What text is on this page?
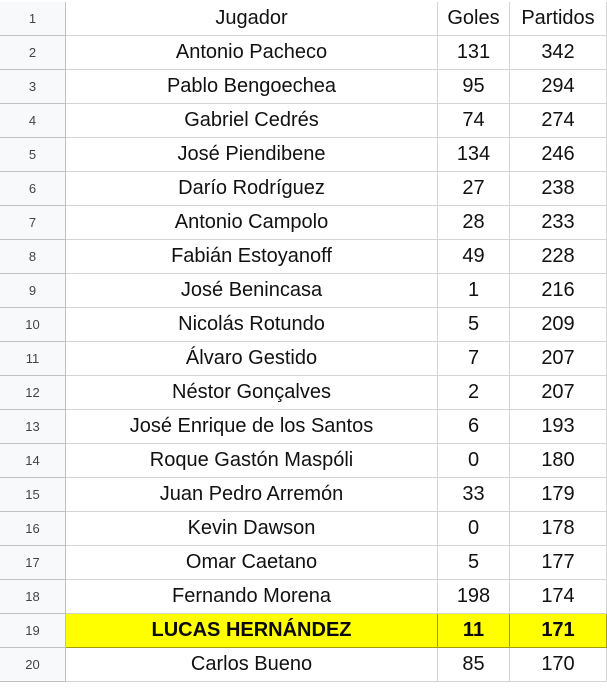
1	Jugador	Goles	Partidos
2	Antonio Pacheco	131	342
3	Pablo Bengoechea	95	294
4	Gabriel Cedrés	74	274
5	José Piendibene	134	246
6	Darío Rodríguez	27	238
7	Antonio Campolo	28	233
8	Fabián Estoyanoff	49	228
9	José Benincasa	1	216
10	Nicolás Rotundo	5	209
11	Álvaro Gestido	7	207
12	Néstor Gonçalves	2	207
13	José Enrique de los Santos	6	193
14	Roque Gastón Maspóli	0	180
15	Juan Pedro Arremón	33	179
16	Kevin Dawson	0	178
17	Omar Caetano	5	177
18	Fernando Morena	198	174
19	LUCAS HERNÁNDEZ	11	171
20	Carlos Bueno	85	170
